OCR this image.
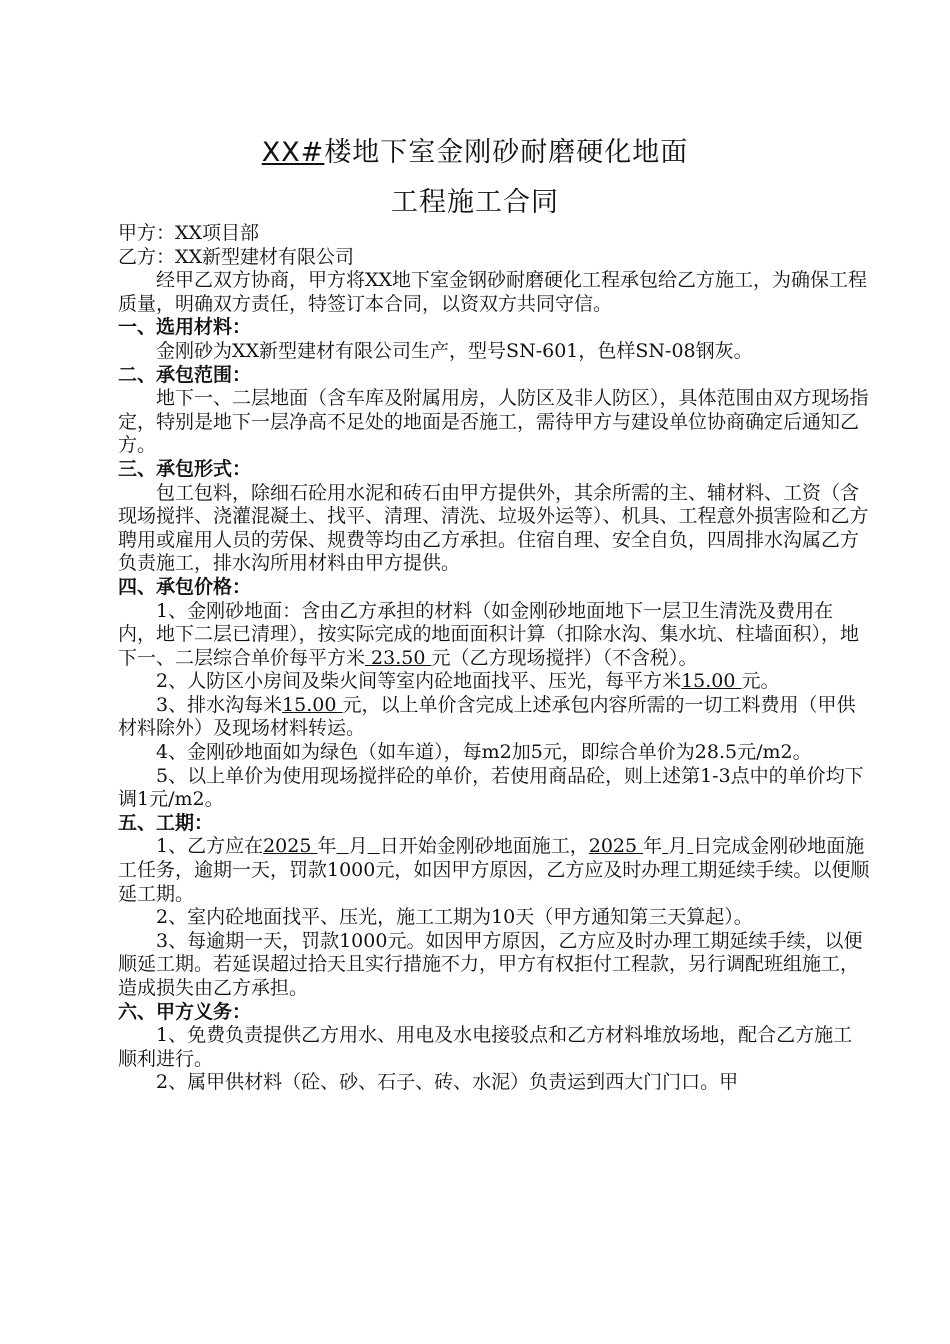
XX#楼地下室金刚砂耐磨硬化地面
工程施工合同

甲方：XX项目部

乙方：XX新型建材有限公司

经甲乙双方协商，甲方将XX地下室金钢砂耐磨硬化工程承包给乙方施工，为确保工程质量，明确双方责任，特签订本合同，以资双方共同守信。

一、选用材料：

金刚砂为XX新型建材有限公司生产，型号SN-601，色样SN-08钢灰。

二、承包范围：

地下一、二层地面（含车库及附属用房，人防区及非人防区），具体范围由双方现场指定，特别是地下一层净高不足处的地面是否施工，需待甲方与建设单位协商确定后通知乙方。

三、承包形式：

包工包料，除细石砼用水泥和砖石由甲方提供外，其余所需的主、辅材料、工资（含现场搅拌、浇灌混凝土、找平、清理、清洗、垃圾外运等）、机具、工程意外损害险和乙方聘用或雇用人员的劳保、规费等均由乙方承担。住宿自理、安全自负，四周排水沟属乙方负责施工，排水沟所用材料由甲方提供。

四、承包价格：

1、金刚砂地面：含由乙方承担的材料（如金刚砂地面地下一层卫生清洗及费用在内，地下二层已清理），按实际完成的地面面积计算（扣除水沟、集水坑、柱墙面积），地下一、二层综合单价每平方米 23.50 元（乙方现场搅拌）（不含税）。

2、人防区小房间及柴火间等室内砼地面找平、压光，每平方米15.00 元。

3、排水沟每米15.00 元，以上单价含完成上述承包内容所需的一切工料费用（甲供材料除外）及现场材料转运。

4、金刚砂地面如为绿色（如车道），每m2加5元，即综合单价为28.5元/m2。

5、以上单价为使用现场搅拌砼的单价，若使用商品砼，则上述第1-3点中的单价均下调1元/m2。

五、工期：

1、乙方应在2025 年 月 日开始金刚砂地面施工，2025 年 月 日完成金刚砂地面施工任务，逾期一天，罚款1000元，如因甲方原因，乙方应及时办理工期延续手续。以便顺延工期。

2、室内砼地面找平、压光，施工工期为10天（甲方通知第三天算起）。

3、每逾期一天，罚款1000元。如因甲方原因，乙方应及时办理工期延续手续，以便顺延工期。若延误超过拾天且实行措施不力，甲方有权拒付工程款，另行调配班组施工，造成损失由乙方承担。

六、甲方义务：

1、免费负责提供乙方用水、用电及水电接驳点和乙方材料堆放场地，配合乙方施工顺利进行。

2、属甲供材料（砼、砂、石子、砖、水泥）负责运到西大门门口。甲
